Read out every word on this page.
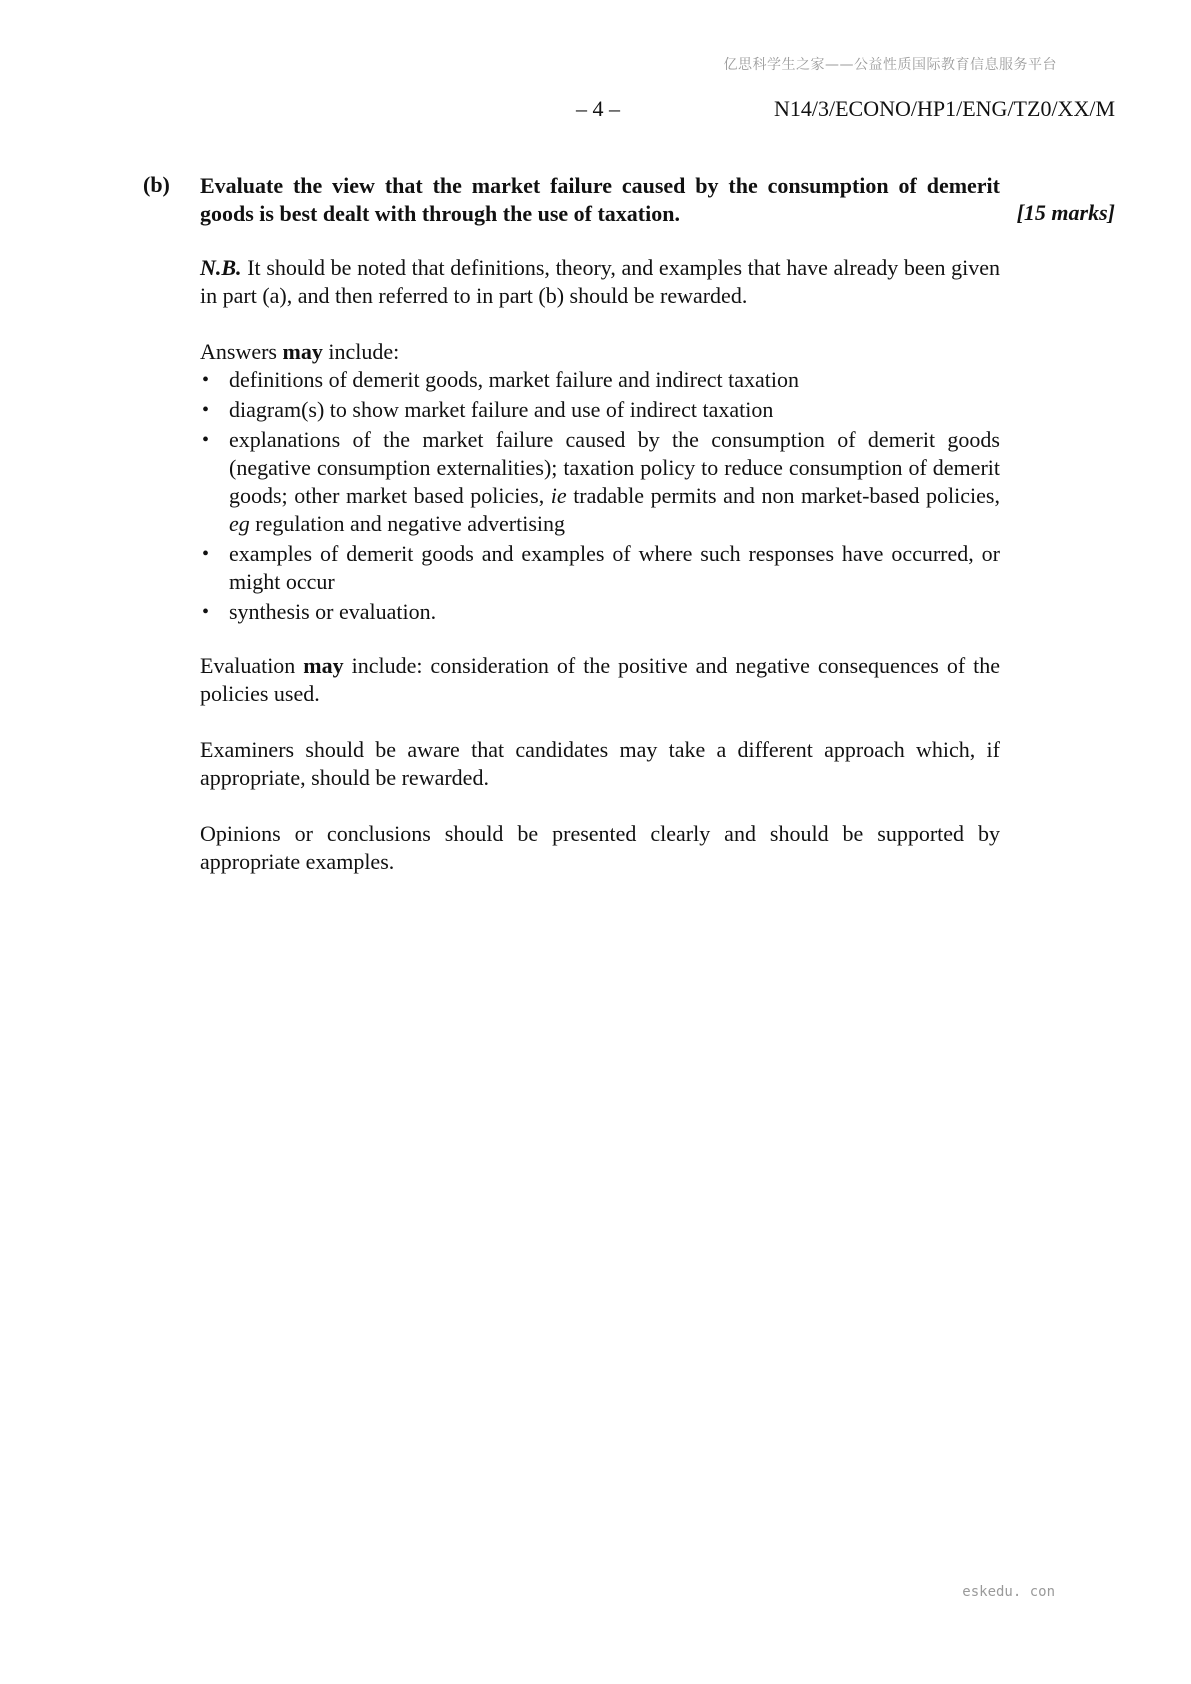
亿思科学生之家——公益性质国际教育信息服务平台
– 4 –	N14/3/ECONO/HP1/ENG/TZ0/XX/M
(b) Evaluate the view that the market failure caused by the consumption of demerit goods is best dealt with through the use of taxation.	[15 marks]

N.B. It should be noted that definitions, theory, and examples that have already been given in part (a), and then referred to in part (b) should be rewarded.

Answers may include:

• definitions of demerit goods, market failure and indirect taxation
• diagram(s) to show market failure and use of indirect taxation
• explanations of the market failure caused by the consumption of demerit goods (negative consumption externalities); taxation policy to reduce consumption of demerit goods; other market based policies, ie tradable permits and non market-based policies, eg regulation and negative advertising
• examples of demerit goods and examples of where such responses have occurred, or might occur
• synthesis or evaluation.

Evaluation may include: consideration of the positive and negative consequences of the policies used.

Examiners should be aware that candidates may take a different approach which, if appropriate, should be rewarded.

Opinions or conclusions should be presented clearly and should be supported by appropriate examples.

eskedu. con
